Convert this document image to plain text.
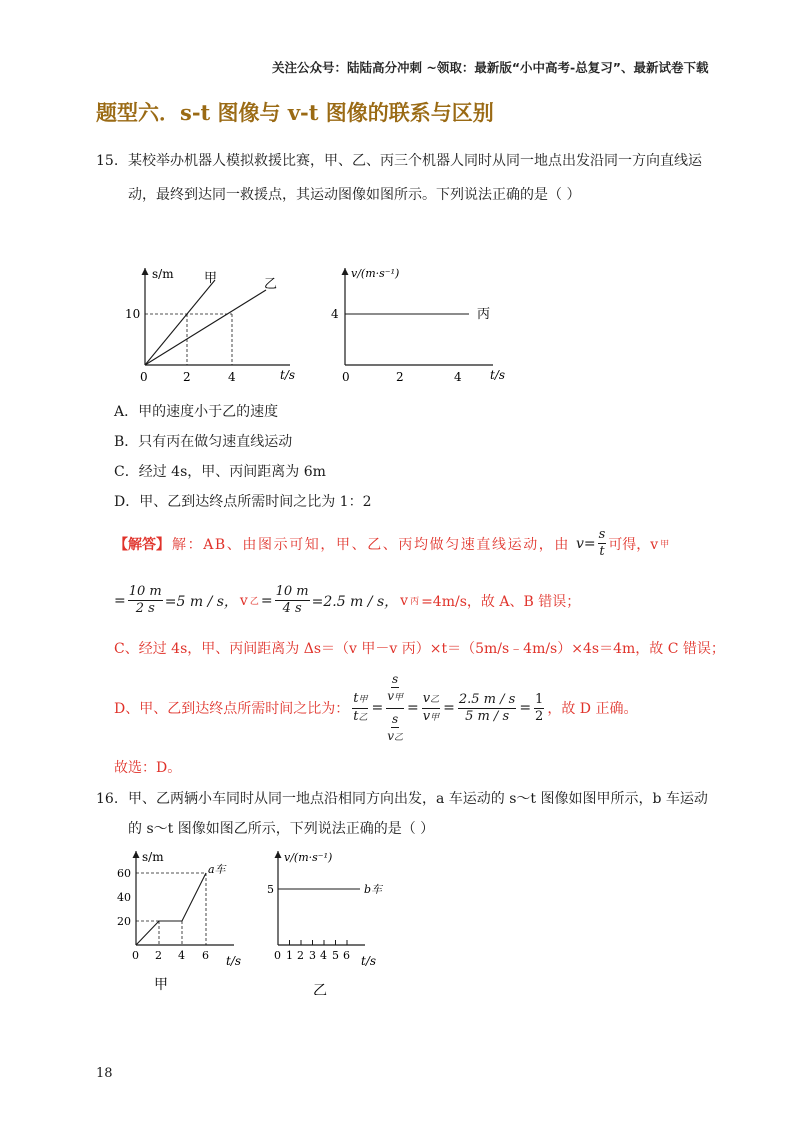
关注公众号：陆陆高分冲刺 ~领取：最新版“小中高考-总复习”、最新试卷下载
题型六．s-t 图像与 v-t 图像的联系与区别
15. 某校举办机器人模拟救援比赛，甲、乙、丙三个机器人同时从同一地点出发沿同一方向直线运
动，最终到达同一救援点，其运动图像如图所示。下列说法正确的是（ ）
s/m 甲	乙
10
0	2	4	t/s
v/(m·s⁻¹)
丙
4
0	2	4 t/s
A．甲的速度小于乙的速度
B．只有丙在做匀速直线运动
C．经过 4s，甲、丙间距离为 6m
D．甲、乙到达终点所需时间之比为 1：2
【解答】 解：AB、由图示可知，甲、乙、丙均做匀速直线运动，由 $v= \frac{s}{t}$ 可得，v 甲
= $\frac{10 m}{2 s} =5$ m / s， v 乙 = $\frac{10 m}{4 s} =2.5$ m / s， v 丙 =4m/s，故 A、B 错误；
C、经过 4s，甲、丙间距离为 Δs＝（v 甲－v 丙）×t＝（5m/s﹣4m/s）×4s＝4m，故 C 错误；
D、甲、乙到达终点所需时间之比为： $\frac{\text{t甲}}{\text{t乙}} = \frac{\frac{s}{\text{v甲}}}{\frac{s}{\text{v乙}}} = \frac{\text{v乙}}{\text{v甲}} = \frac{2.5 m / s}{5 m / s} = \frac{1}{2}$ ，故 D 正确。
故选：D。
16. 甲、乙两辆小车同时从同一地点沿相同方向出发，a 车运动的 s～t 图像如图甲所示，b 车运动
的 s～t 图像如图乙所示，下列说法正确的是（ ）
s/m
a车
60
40
20
0 2 4 6 t/s
甲
v/(m·s⁻¹)
b车
5
0 1 2 3 4 5 6 t/s
乙
18
